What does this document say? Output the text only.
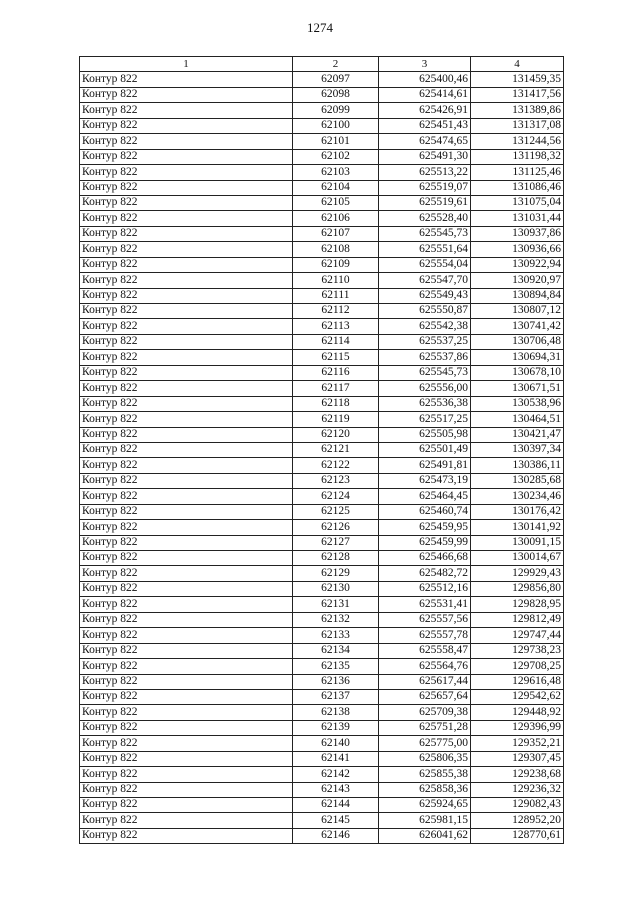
1274
1	2	3	4
Контур 822	62097	625400,46	131459,35
Контур 822	62098	625414,61	131417,56
Контур 822	62099	625426,91	131389,86
Контур 822	62100	625451,43	131317,08
Контур 822	62101	625474,65	131244,56
Контур 822	62102	625491,30	131198,32
Контур 822	62103	625513,22	131125,46
Контур 822	62104	625519,07	131086,46
Контур 822	62105	625519,61	131075,04
Контур 822	62106	625528,40	131031,44
Контур 822	62107	625545,73	130937,86
Контур 822	62108	625551,64	130936,66
Контур 822	62109	625554,04	130922,94
Контур 822	62110	625547,70	130920,97
Контур 822	62111	625549,43	130894,84
Контур 822	62112	625550,87	130807,12
Контур 822	62113	625542,38	130741,42
Контур 822	62114	625537,25	130706,48
Контур 822	62115	625537,86	130694,31
Контур 822	62116	625545,73	130678,10
Контур 822	62117	625556,00	130671,51
Контур 822	62118	625536,38	130538,96
Контур 822	62119	625517,25	130464,51
Контур 822	62120	625505,98	130421,47
Контур 822	62121	625501,49	130397,34
Контур 822	62122	625491,81	130386,11
Контур 822	62123	625473,19	130285,68
Контур 822	62124	625464,45	130234,46
Контур 822	62125	625460,74	130176,42
Контур 822	62126	625459,95	130141,92
Контур 822	62127	625459,99	130091,15
Контур 822	62128	625466,68	130014,67
Контур 822	62129	625482,72	129929,43
Контур 822	62130	625512,16	129856,80
Контур 822	62131	625531,41	129828,95
Контур 822	62132	625557,56	129812,49
Контур 822	62133	625557,78	129747,44
Контур 822	62134	625558,47	129738,23
Контур 822	62135	625564,76	129708,25
Контур 822	62136	625617,44	129616,48
Контур 822	62137	625657,64	129542,62
Контур 822	62138	625709,38	129448,92
Контур 822	62139	625751,28	129396,99
Контур 822	62140	625775,00	129352,21
Контур 822	62141	625806,35	129307,45
Контур 822	62142	625855,38	129238,68
Контур 822	62143	625858,36	129236,32
Контур 822	62144	625924,65	129082,43
Контур 822	62145	625981,15	128952,20
Контур 822	62146	626041,62	128770,61
